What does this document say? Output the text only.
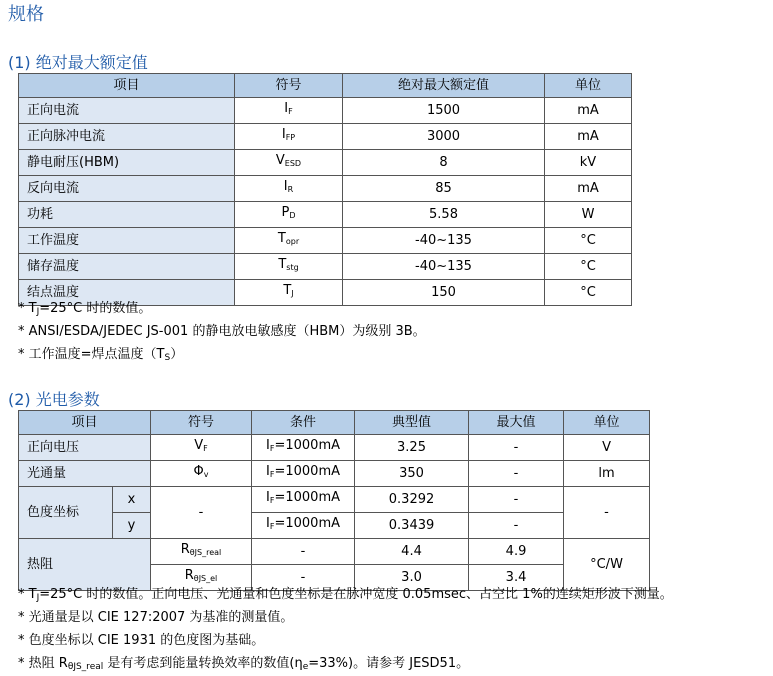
规格
(1) 绝对最大额定值
项目	符号	绝对最大额定值	单位
正向电流	$I_F$	1500	mA
正向脉冲电流	$I_{FP}$	3000	mA
静电耐压(HBM)	$V_{ESD}$	8	kV
反向电流	$I_R$	85	mA
功耗	$P_D$	5.58	W
工作温度	$T_{opr}$	-40~135	°C
储存温度	$T_{stg}$	-40~135	°C
结点温度	$T_J$	150	°C
* $T_J=25^\circ C$ 时的数值。
* ANSI/ESDA/JEDEC JS-001 的静电放电敏感度（HBM）为级别 3B。
* 工作温度=焊点温度$(T_S)$
(2) 光电参数
项目		符号	条件	典型值	最大值	单位
正向电压		$V_F$	$I_F=1000mA$	3.25	-	V
光通量		$\Phi_v$	$I_F=1000mA$	350	-	lm
色度坐标	x	-	$I_F=1000mA$	0.3292	-	-
	y		$I_F=1000mA$	0.3439	-	
热阻		$R_{\theta JS\_real}$	-	4.4	4.9	°C/W
		$R_{\theta JS\_el}$	-	3.0	3.4	
* $T_J=25^\circ C$ 时的数值。正向电压、光通量和色度坐标是在脉冲宽度 0.05msec、占空比 1%的连续矩形波下测量。
* 光通量是以 CIE 127:2007 为基准的测量值。
* 色度坐标以 CIE 1931 的色度图为基础。
* 热阻 $R_{\theta JS\_real}$ 是有考虑到能量转换效率的数值$(\eta_e=33\%)$。请参考 JESD51。
